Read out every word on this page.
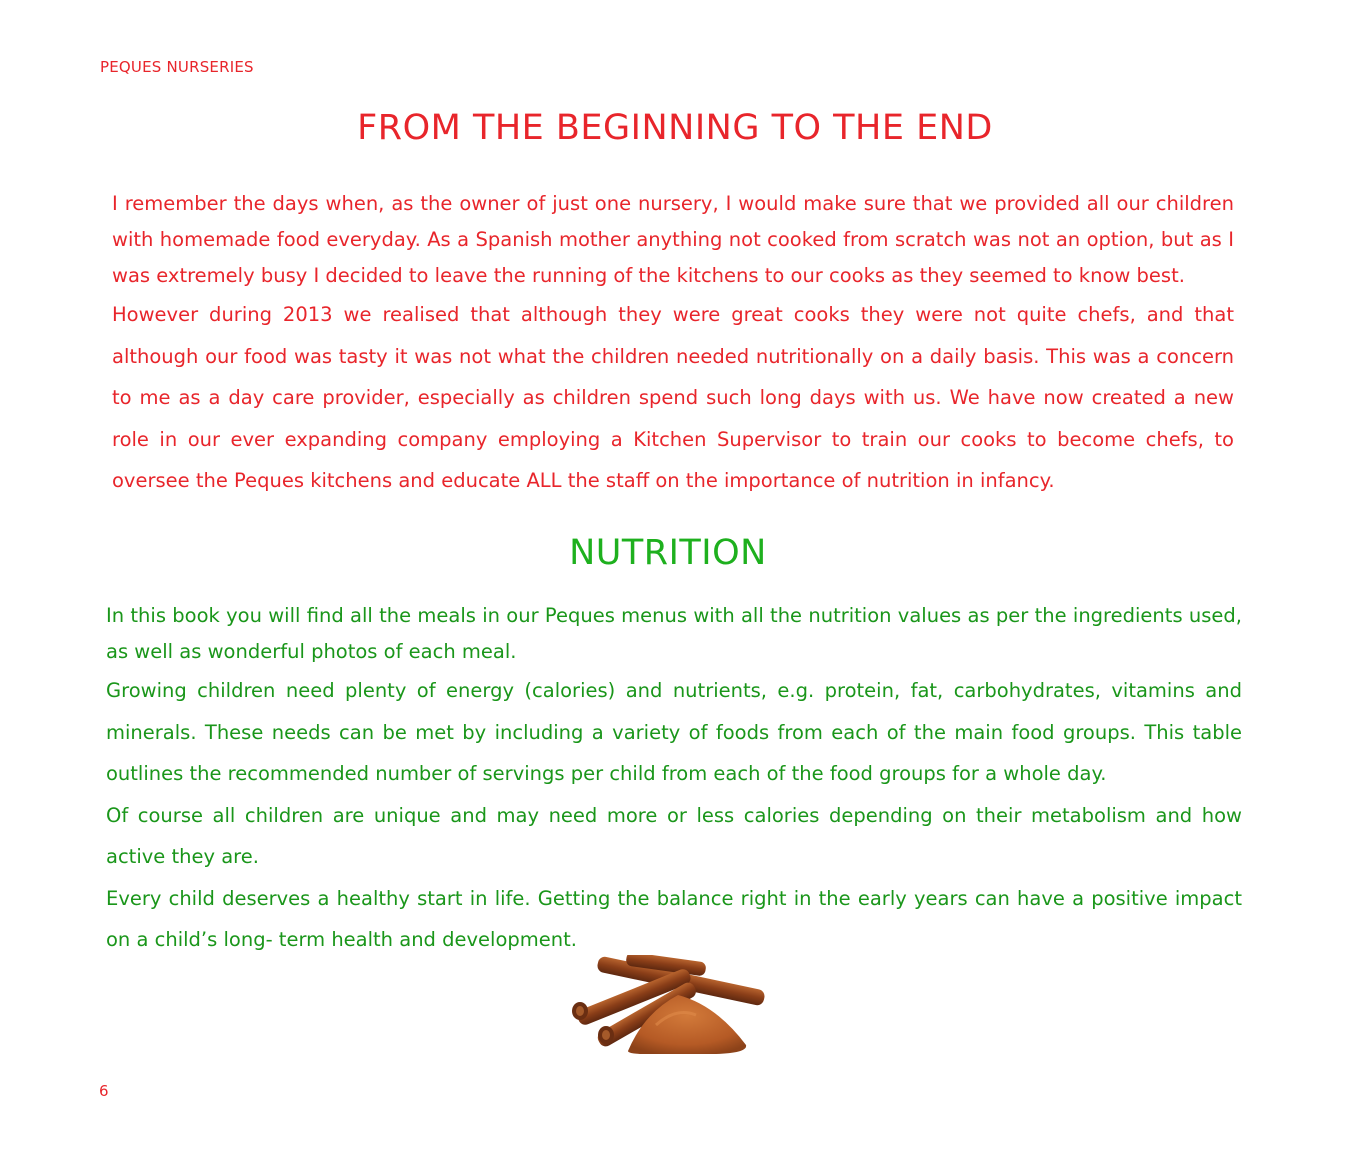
PEQUES NURSERIES
FROM THE BEGINNING TO THE END

I remember the days when, as the owner of just one nursery, I would make sure that we provided all our children with homemade food everyday. As a Spanish mother anything not cooked from scratch was not an option, but as I was extremely busy I decided to leave the running of the kitchens to our cooks as they seemed to know best.

However during 2013 we realised that although they were great cooks they were not quite chefs, and that although our food was tasty it was not what the children needed nutritionally on a daily basis. This was a concern to me as a day care provider, especially as children spend such long days with us. We have now created a new role in our ever expanding company employing a Kitchen Supervisor to train our cooks to become chefs, to oversee the Peques kitchens and educate ALL the staff on the importance of nutrition in infancy.

NUTRITION

In this book you will find all the meals in our Peques menus with all the nutrition values as per the ingredients used, as well as wonderful photos of each meal.

Growing children need plenty of energy (calories) and nutrients, e.g. protein, fat, carbohydrates, vitamins and minerals. These needs can be met by including a variety of foods from each of the main food groups. This table outlines the recommended number of servings per child from each of the food groups for a whole day.

Of course all children are unique and may need more or less calories depending on their metabolism and how active they are.

Every child deserves a healthy start in life. Getting the balance right in the early years can have a positive impact on a child’s long- term health and development.

6
